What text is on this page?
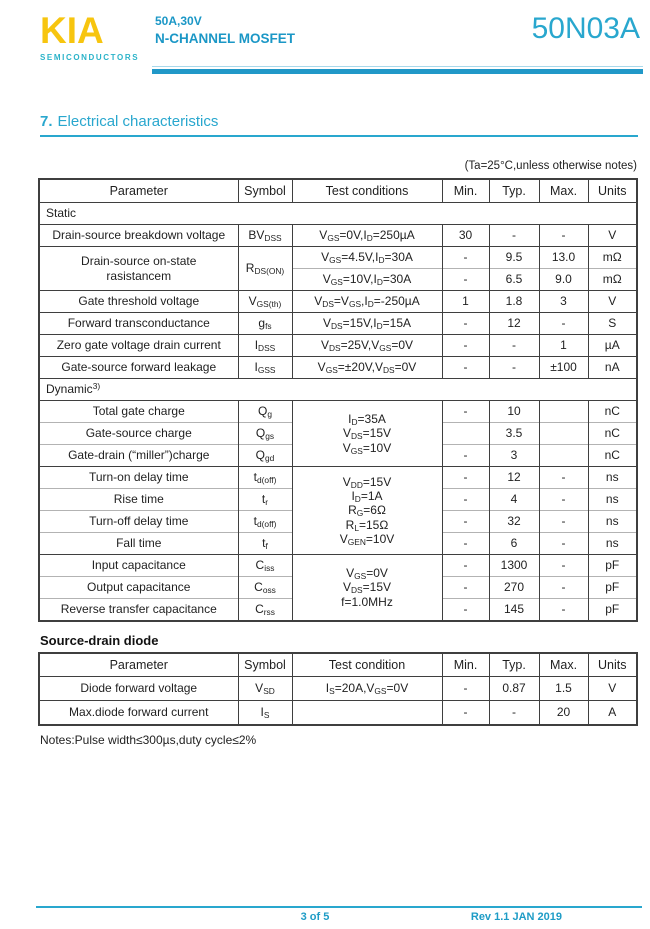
KIA
SEMICONDUCTORS
50A,30V
N-CHANNEL MOSFET	50N03A
7. Electrical characteristics
(Ta=25°C,unless otherwise notes)
Parameter	Symbol	Test conditions	Min.	Typ.	Max.	Units
Static						
Drain-source breakdown voltage	$BV_{DSS}$	$V_{GS}=0V,I_D=250\mu A$	30	-	-	V
Drain-source on-state
rasistancem	$R_{DS(ON)}$	$V_{GS}=4.5V,I_D=30A$	-	9.5	13.0	mΩ
		$V_{GS}=10V,I_D=30A$	-	6.5	9.0	mΩ
Gate threshold voltage	$V_{GS(th)}$	$V_{DS}=V_{GS},I_D=-250\mu A$	1	1.8	3	V
Forward transconductance	$g_{fs}$	$V_{DS}=15V,I_D=15A$	-	12	-	S
Zero gate voltage drain current	$I_{DSS}$	$V_{DS}=25V,V_{GS}=0V$	-	-	1	µA
Gate-source forward leakage	$I_{GSS}$	$V_{GS}=\pm 20V,V_{DS}=0V$	-	-	±100	nA
Dynamic$^{3)}$
Total gate charge	$Q_g$	$I_D=35A$
$V_{DS}=15V$
$V_{GS}=10V$	-	10		nC
Gate-source charge	$Q_{gs}$			3.5		nC
Gate-drain (“miller”)charge	$Q_{gd}$		-	3		nC
Turn-on delay time	$t_{d(off)}$	$V_{DD}=15V$
$I_D=1A$
$R_G=6\Omega$
$R_L=15\Omega$
$V_{GEN}=10V$	-	12	-	ns
Rise time	$t_r$		-	4	-	ns
Turn-off delay time	$t_{d(off)}$		-	32	-	ns
Fall time	$t_f$		-	6	-	ns
Input capacitance	$C_{iss}$	$V_{GS}=0V$
$V_{DS}=15V$
f=1.0MHz	-	1300	-	pF
Output capacitance	$C_{oss}$		-	270	-	pF
Reverse transfer capacitance	$C_{rss}$		-	145	-	pF
Source-drain diode
Parameter	Symbol	Test condition	Min.	Typ.	Max.	Units
Diode forward voltage	$V_{SD}$	$I_S=20A,V_{GS}=0V$	-	0.87	1.5	V
Max.diode forward current	$I_S$		-	-	20	A
Notes:Pulse width≤300µs,duty cycle≤2%
3 of 5	Rev 1.1 JAN 2019
